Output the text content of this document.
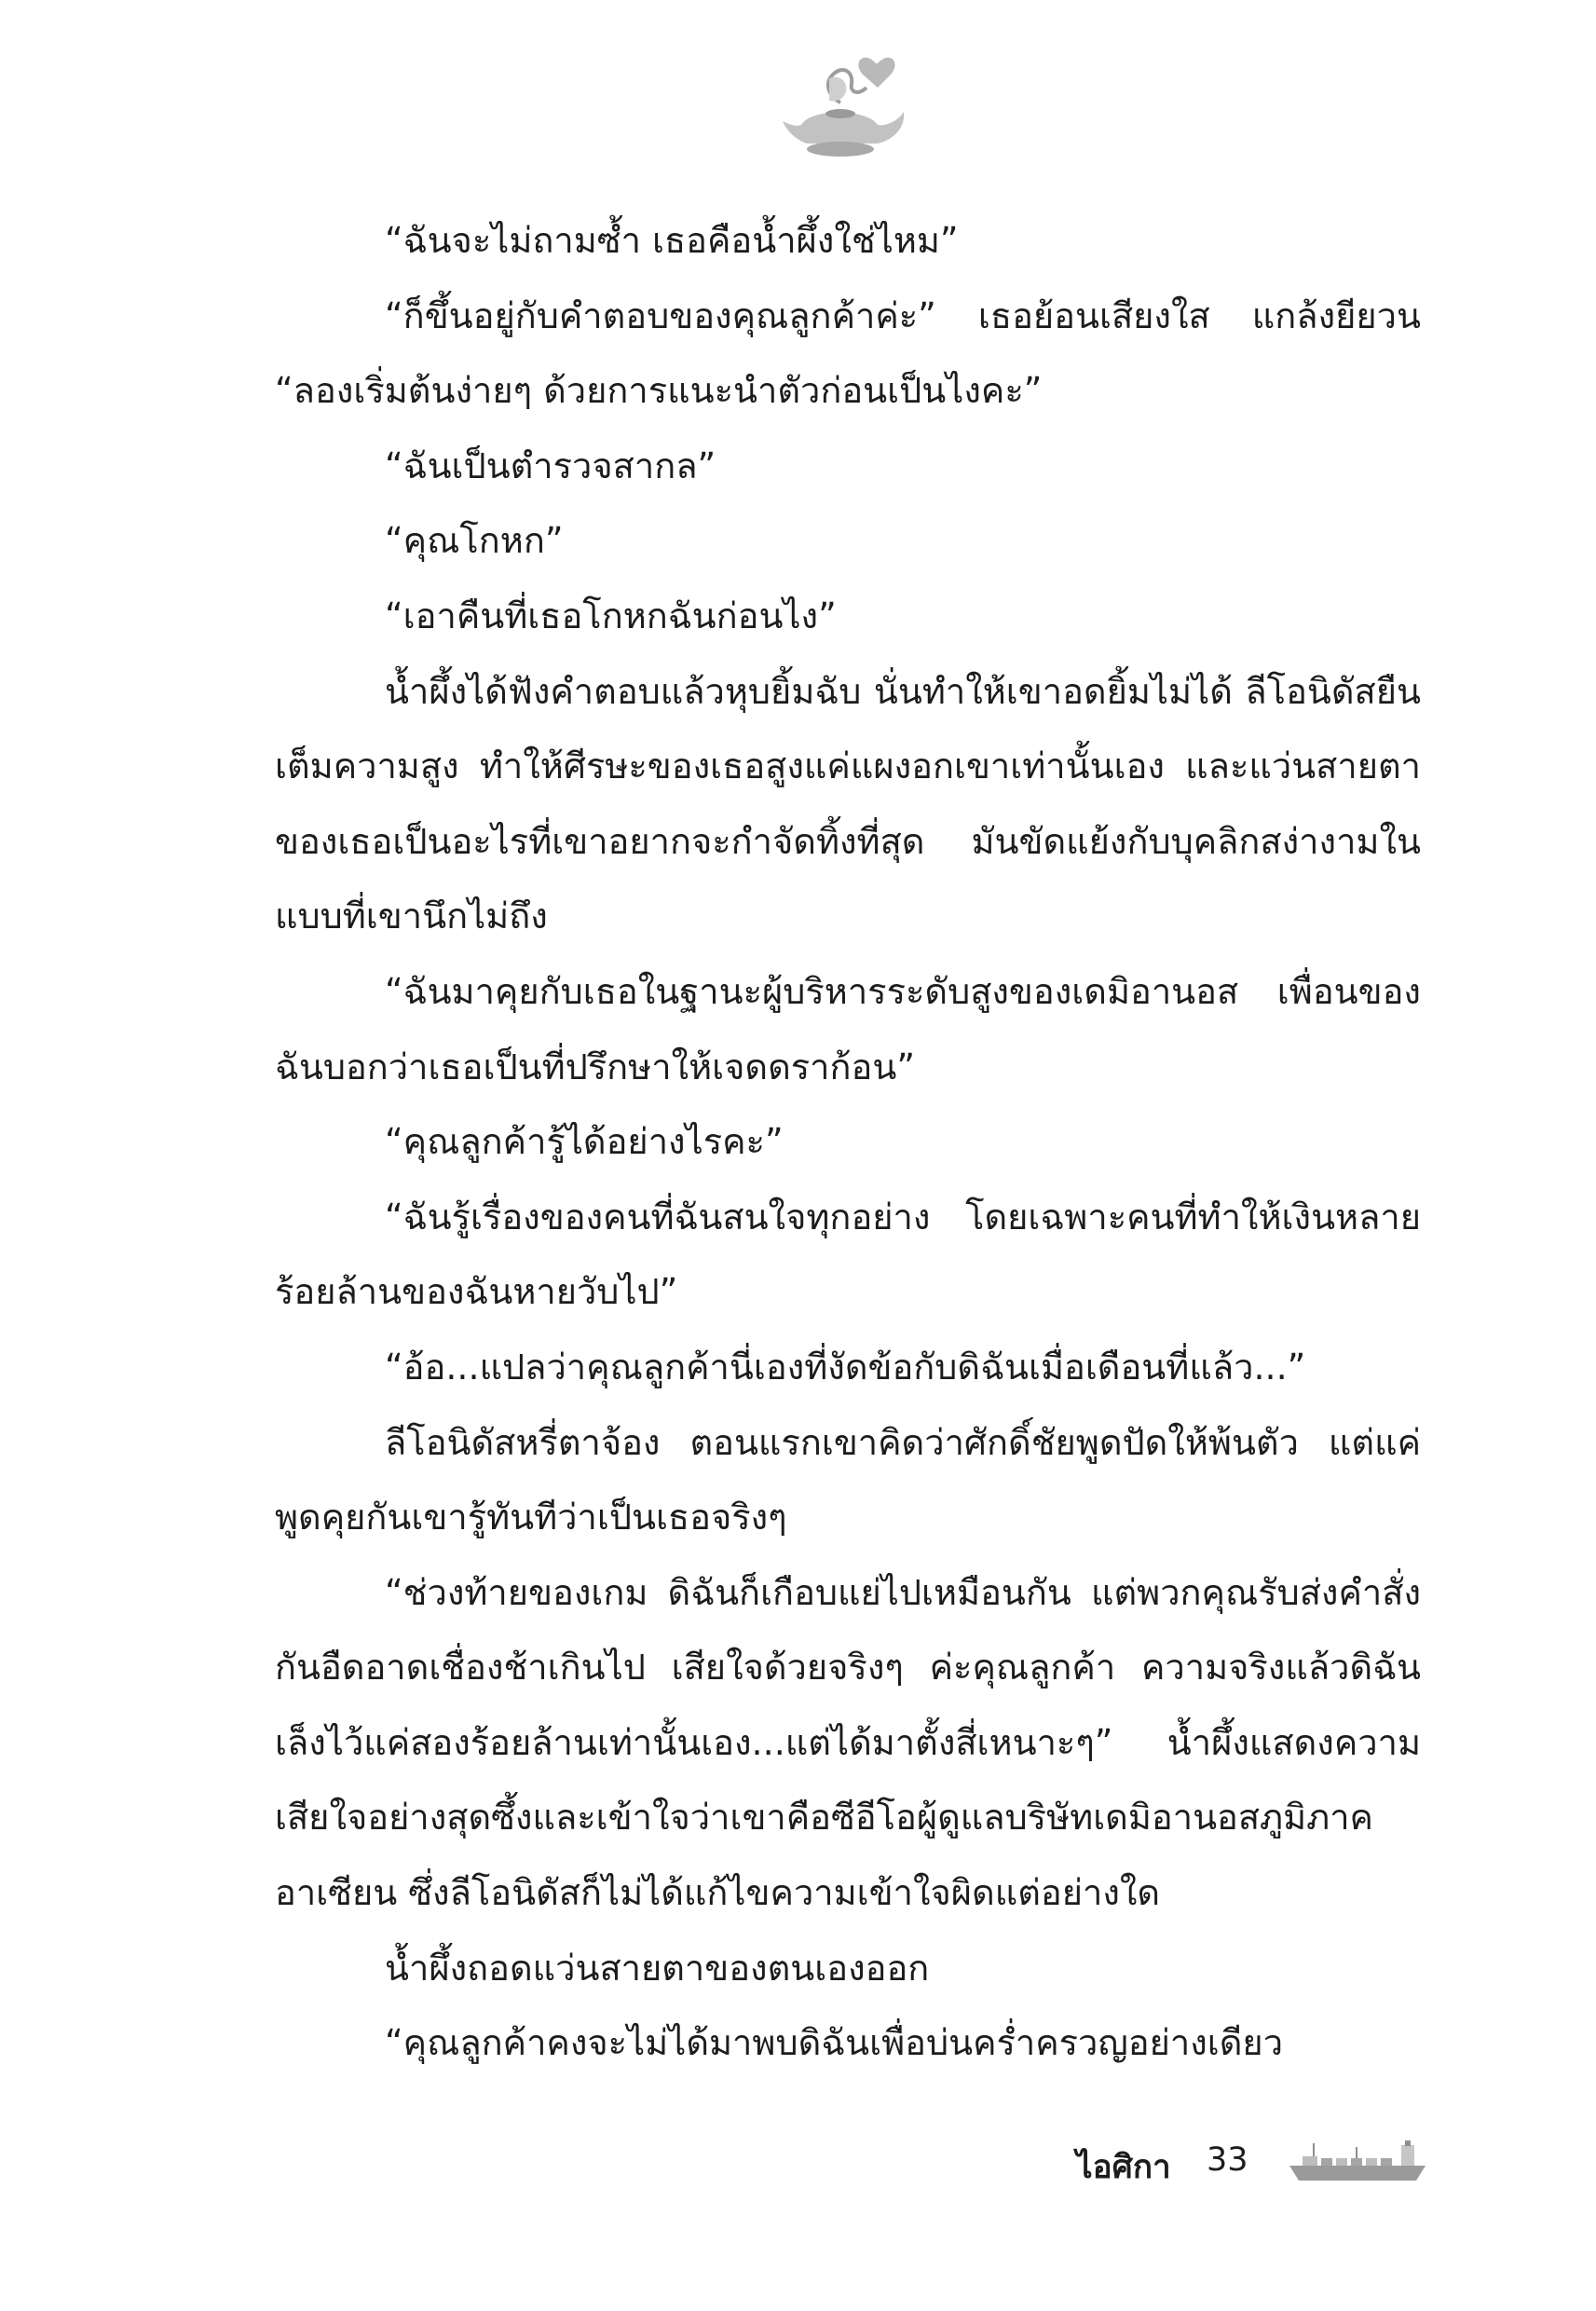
“ฉันจะไม่ถามซ้ำ เธอคือน้ำผึ้งใช่ไหม”

“ก็ขึ้นอยู่กับคำตอบของคุณลูกค้าค่ะ” เธอย้อนเสียงใส แกล้งยียวน “ลองเริ่มต้นง่ายๆ ด้วยการแนะนำตัวก่อนเป็นไงคะ”

“ฉันเป็นตำรวจสากล”

“คุณโกหก”

“เอาคืนที่เธอโกหกฉันก่อนไง”

น้ำผึ้งได้ฟังคำตอบแล้วหุบยิ้มฉับ นั่นทำให้เขาอดยิ้มไม่ได้ ลีโอนิดัสยืนเต็มความสูง ทำให้ศีรษะของเธอสูงแค่แผงอกเขาเท่านั้นเอง และแว่นสายตาของเธอเป็นอะไรที่เขาอยากจะกำจัดทิ้งที่สุด มันขัดแย้งกับบุคลิกสง่างามในแบบที่เขานึกไม่ถึง

“ฉันมาคุยกับเธอในฐานะผู้บริหารระดับสูงของเดมิอานอส เพื่อนของฉันบอกว่าเธอเป็นที่ปรึกษาให้เจดดราก้อน”

“คุณลูกค้ารู้ได้อย่างไรคะ”

“ฉันรู้เรื่องของคนที่ฉันสนใจทุกอย่าง โดยเฉพาะคนที่ทำให้เงินหลายร้อยล้านของฉันหายวับไป”

“อ้อ...แปลว่าคุณลูกค้านี่เองที่งัดข้อกับดิฉันเมื่อเดือนที่แล้ว...”

ลีโอนิดัสหรี่ตาจ้อง ตอนแรกเขาคิดว่าศักดิ์ชัยพูดปัดให้พ้นตัว แต่แค่พูดคุยกันเขารู้ทันทีว่าเป็นเธอจริงๆ

“ช่วงท้ายของเกม ดิฉันก็เกือบแย่ไปเหมือนกัน แต่พวกคุณรับส่งคำสั่งกันอืดอาดเชื่องช้าเกินไป เสียใจด้วยจริงๆ ค่ะคุณลูกค้า ความจริงแล้วดิฉันเล็งไว้แค่สองร้อยล้านเท่านั้นเอง...แต่ได้มาตั้งสี่เหนาะๆ” น้ำผึ้งแสดงความเสียใจอย่างสุดซึ้งและเข้าใจว่าเขาคือซีอีโอผู้ดูแลบริษัทเดมิอานอสภูมิภาคอาเซียน ซึ่งลีโอนิดัสก็ไม่ได้แก้ไขความเข้าใจผิดแต่อย่างใด

น้ำผึ้งถอดแว่นสายตาของตนเองออก

“คุณลูกค้าคงจะไม่ได้มาพบดิฉันเพื่อบ่นคร่ำครวญอย่างเดียว

ไอศิกา 33
